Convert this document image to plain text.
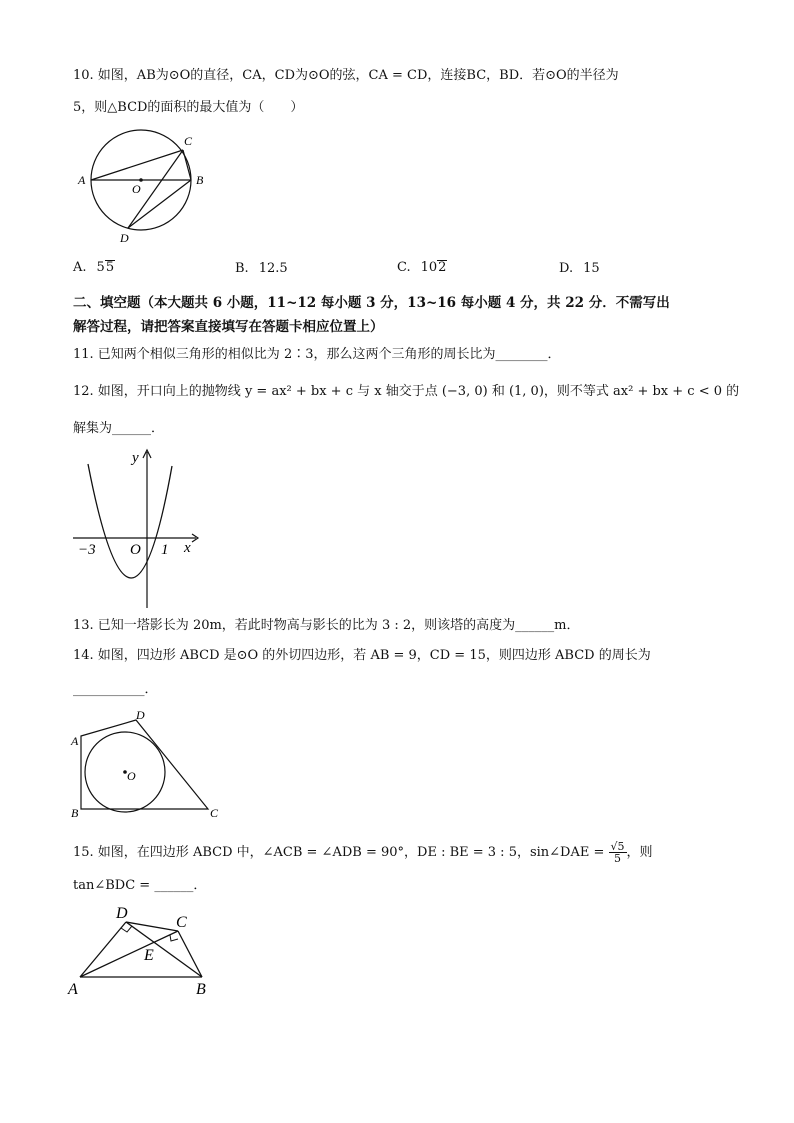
10. 如图，AB为⊙O的直径，CA，CD为⊙O的弦，CA = CD，连接BC，BD．若⊙O的半径为
5，则△BCD的面积的最大值为（　　）
A	B
C
D
O
A. 55	B. 12.5	C. 102	D. 15
二、填空题（本大题共 6 小题，11~12 每小题 3 分，13~16 每小题 4 分，共 22 分．不需写出
解答过程，请把答案直接填写在答题卡相应位置上）
11. 已知两个相似三角形的相似比为 2∶3，那么这两个三角形的周长比为________．
12. 如图，开口向上的抛物线 y = ax² + bx + c 与 x 轴交于点 (−3, 0) 和 (1, 0)，则不等式 ax² + bx + c < 0 的
解集为______．
y
x
O
−3	1
13. 已知一塔影长为 20m，若此时物高与影长的比为 3 : 2，则该塔的高度为______m．
14. 如图，四边形 ABCD 是⊙O 的外切四边形，若 AB = 9，CD = 15，则四边形 ABCD 的周长为
___________．
A
D
C
B
O
15. 如图，在四边形 ABCD 中，∠ACB = ∠ADB = 90°，DE : BE = 3 : 5，sin∠DAE = $\frac{√5}{5}$ ，则
tan∠BDC = ______．
A	B
C
D
E
